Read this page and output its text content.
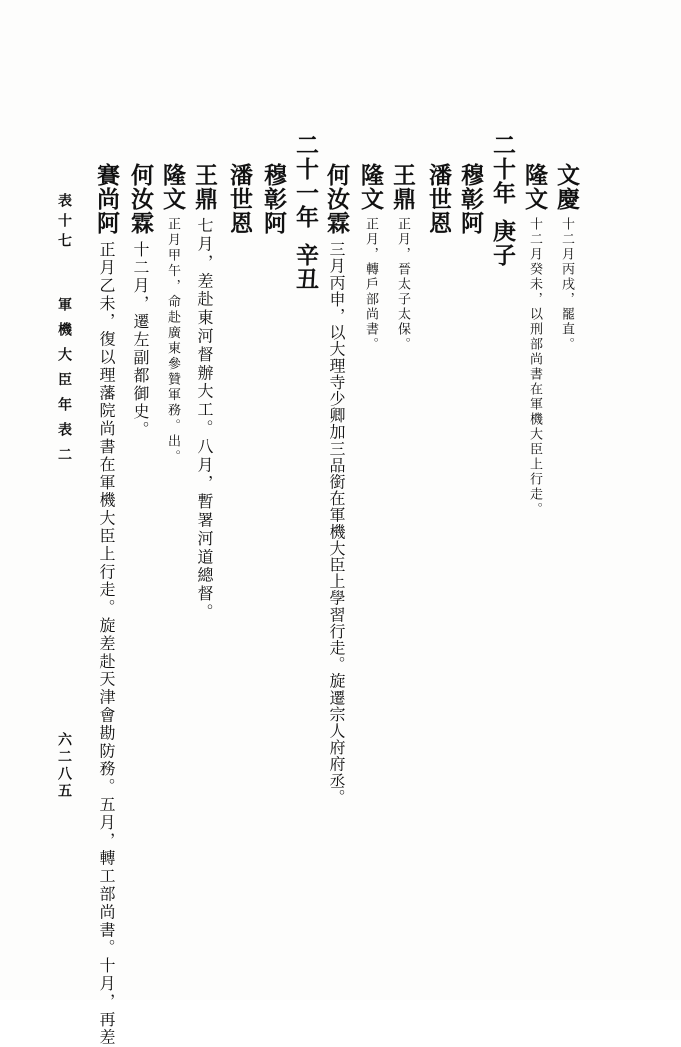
文慶十二月丙戌，罷直。
隆文十二月癸未，以刑部尚書在軍機大臣上行走。
二十年庚子
穆彰阿
潘世恩
王鼎正月，晉太子太保。
隆文正月，轉戶部尚書。
何汝霖三月丙申，以大理寺少卿加三品銜在軍機大臣上學習行走。旋遷宗人府府丞。
二十一年辛丑
穆彰阿
潘世恩
王鼎七月，差赴東河督辦大工。八月，暫署河道總督。
隆文正月甲午，命赴廣東參贊軍務。出。
何汝霖十二月，遷左副都御史。
賽尚阿正月乙未，復以理藩院尚書在軍機大臣上行走。旋差赴天津會勘防務。五月，轉工部尚書。十月，再差
表十七軍機大臣年表二
六二八五
